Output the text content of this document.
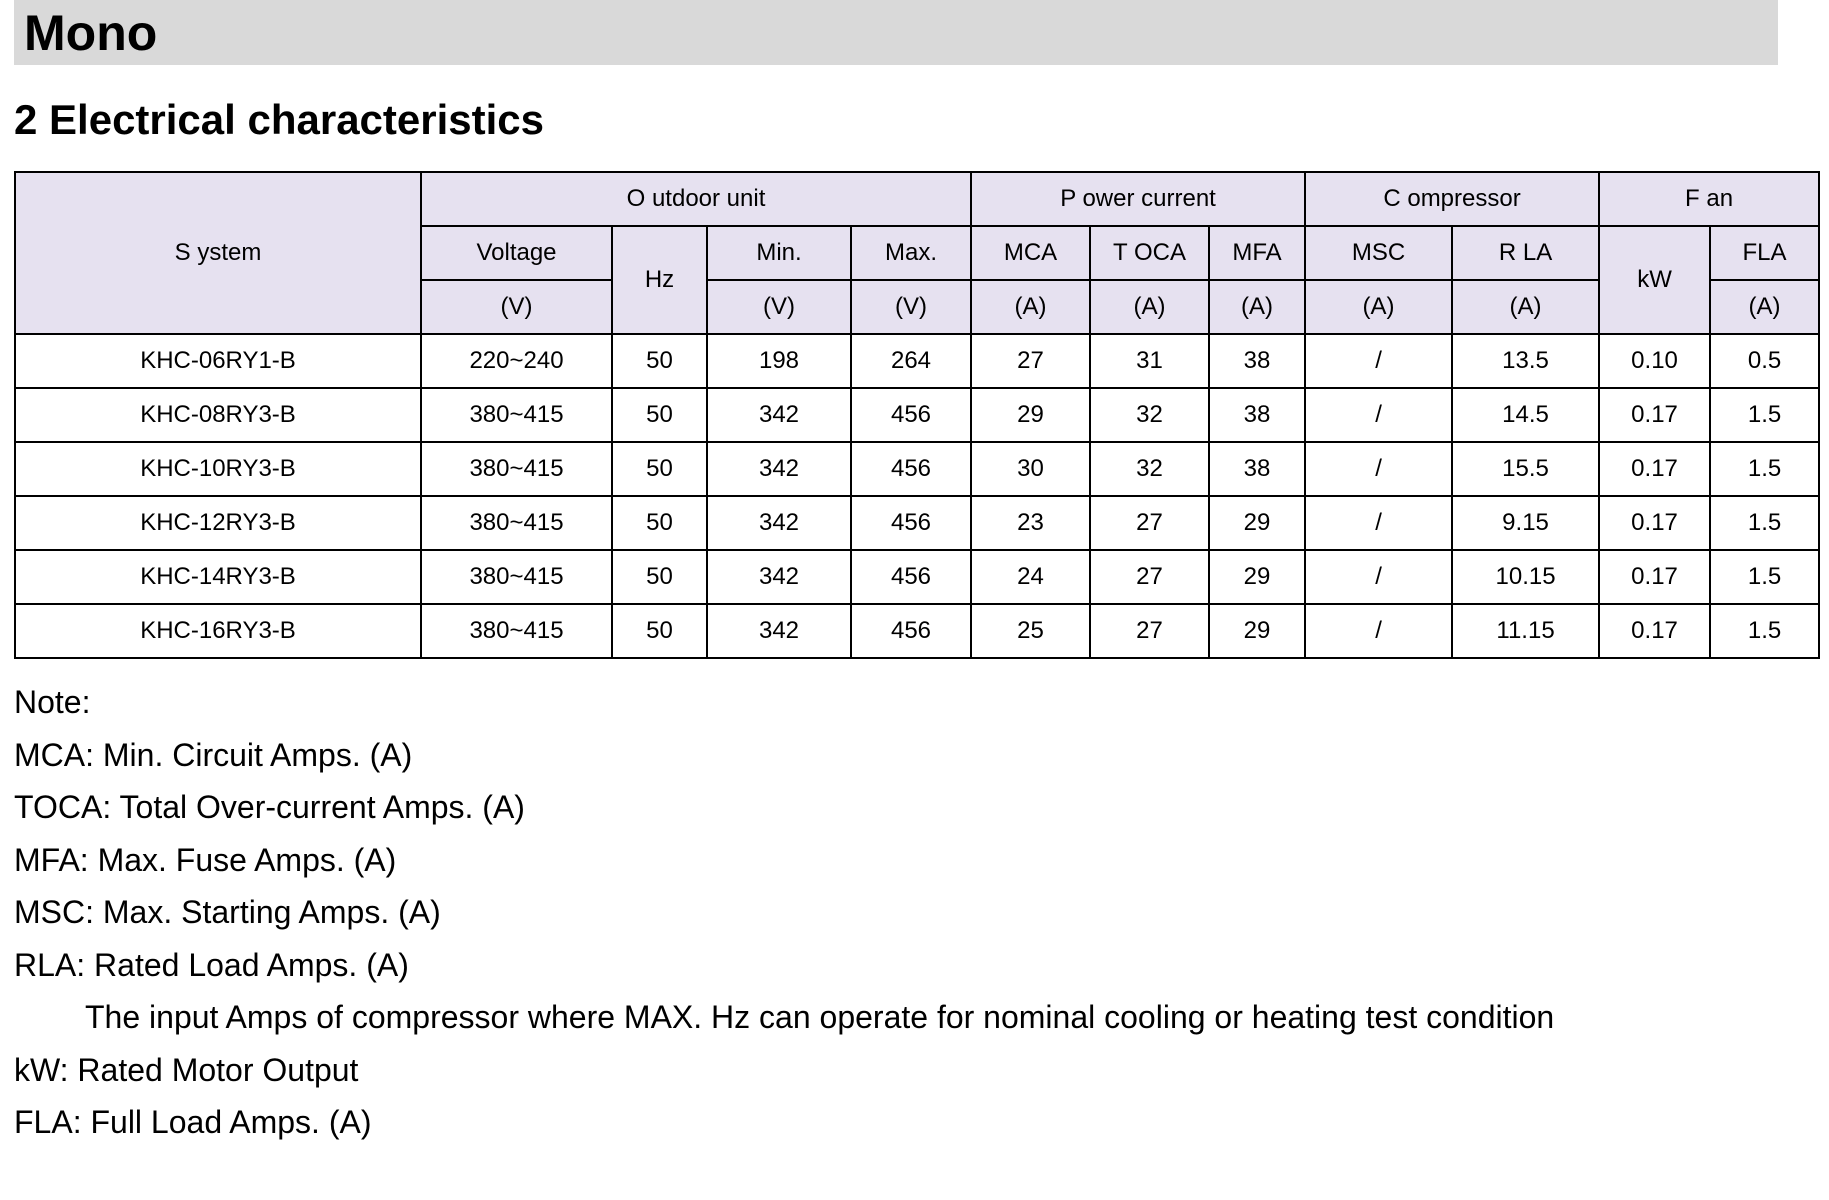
Mono
2 Electrical characteristics
S ystem	O utdoor unit				P ower current			C ompressor		F an	
	Voltage	Hz	Min.	Max.	MCA	T OCA	MFA	MSC	R LA	kW	FLA
	(V)		(V)	(V)	(A)	(A)	(A)	(A)	(A)		(A)
KHC-06RY1-B	220~240	50	198	264	27	31	38	/	13.5	0.10	0.5
KHC-08RY3-B	380~415	50	342	456	29	32	38	/	14.5	0.17	1.5
KHC-10RY3-B	380~415	50	342	456	30	32	38	/	15.5	0.17	1.5
KHC-12RY3-B	380~415	50	342	456	23	27	29	/	9.15	0.17	1.5
KHC-14RY3-B	380~415	50	342	456	24	27	29	/	10.15	0.17	1.5
KHC-16RY3-B	380~415	50	342	456	25	27	29	/	11.15	0.17	1.5
Note:
MCA: Min. Circuit Amps. (A)
TOCA: Total Over-current Amps. (A)
MFA: Max. Fuse Amps. (A)
MSC: Max. Starting Amps. (A)
RLA: Rated Load Amps. (A)
The input Amps of compressor where MAX. Hz can operate for nominal cooling or heating test condition
kW: Rated Motor Output
FLA: Full Load Amps. (A)
